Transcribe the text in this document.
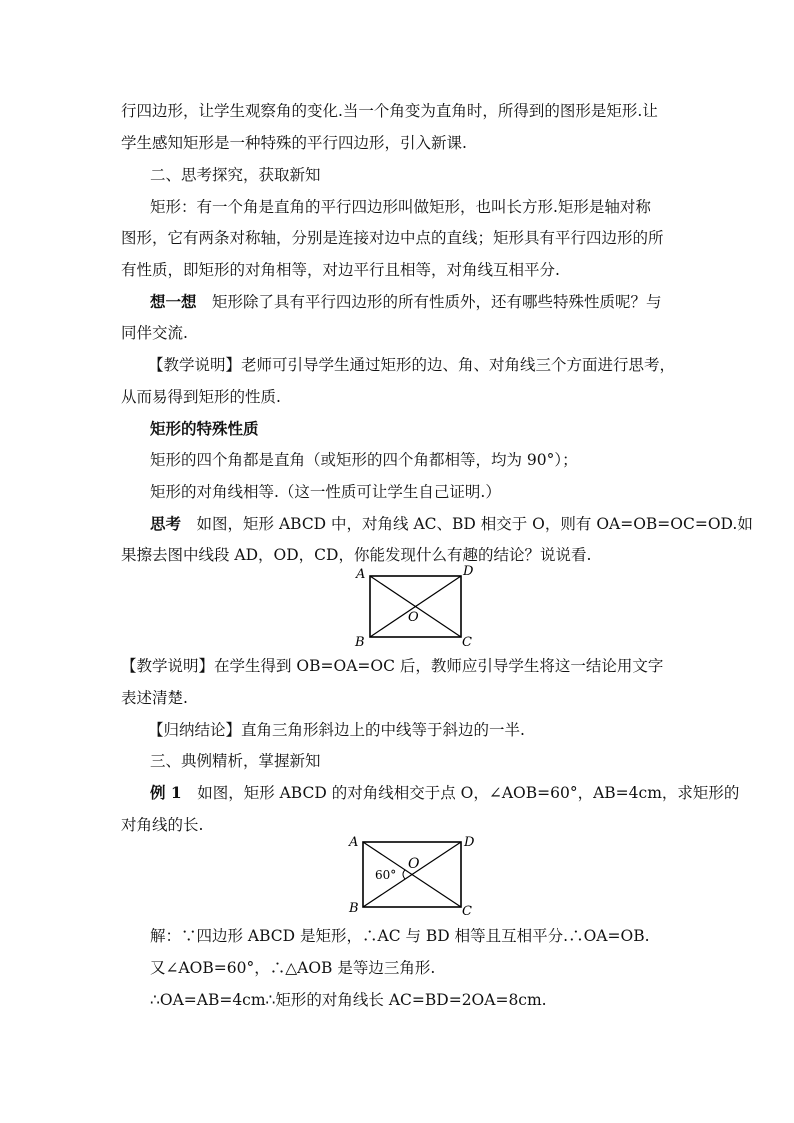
行四边形，让学生观察角的变化.当一个角变为直角时，所得到的图形是矩形.让
学生感知矩形是一种特殊的平行四边形，引入新课.
二、思考探究，获取新知
矩形：有一个角是直角的平行四边形叫做矩形，也叫长方形.矩形是轴对称
图形，它有两条对称轴，分别是连接对边中点的直线；矩形具有平行四边形的所
有性质，即矩形的对角相等，对边平行且相等，对角线互相平分.
想一想  矩形除了具有平行四边形的所有性质外，还有哪些特殊性质呢？与
同伴交流.
【教学说明】老师可引导学生通过矩形的边、角、对角线三个方面进行思考，
从而易得到矩形的性质.
矩形的特殊性质
矩形的四个角都是直角（或矩形的四个角都相等，均为 90°）；
矩形的对角线相等.（这一性质可让学生自己证明.）
思考  如图，矩形 ABCD 中，对角线 AC、BD 相交于 O，则有 OA=OB=OC=OD.如
果擦去图中线段 AD，OD，CD，你能发现什么有趣的结论？说说看.
A	D
B	C
O
【教学说明】在学生得到 OB=OA=OC 后，教师应引导学生将这一结论用文字
表述清楚.
【归纳结论】直角三角形斜边上的中线等于斜边的一半.
三、典例精析，掌握新知
例 1  如图，矩形 ABCD 的对角线相交于点 O，∠AOB=60°，AB=4cm，求矩形的
对角线的长.
A	D
B	C
O
60°
解：∵四边形 ABCD 是矩形，∴AC 与 BD 相等且互相平分.∴OA=OB.
又∠AOB=60°，∴△AOB 是等边三角形.
∴OA=AB=4cm∴矩形的对角线长 AC=BD=2OA=8cm.
